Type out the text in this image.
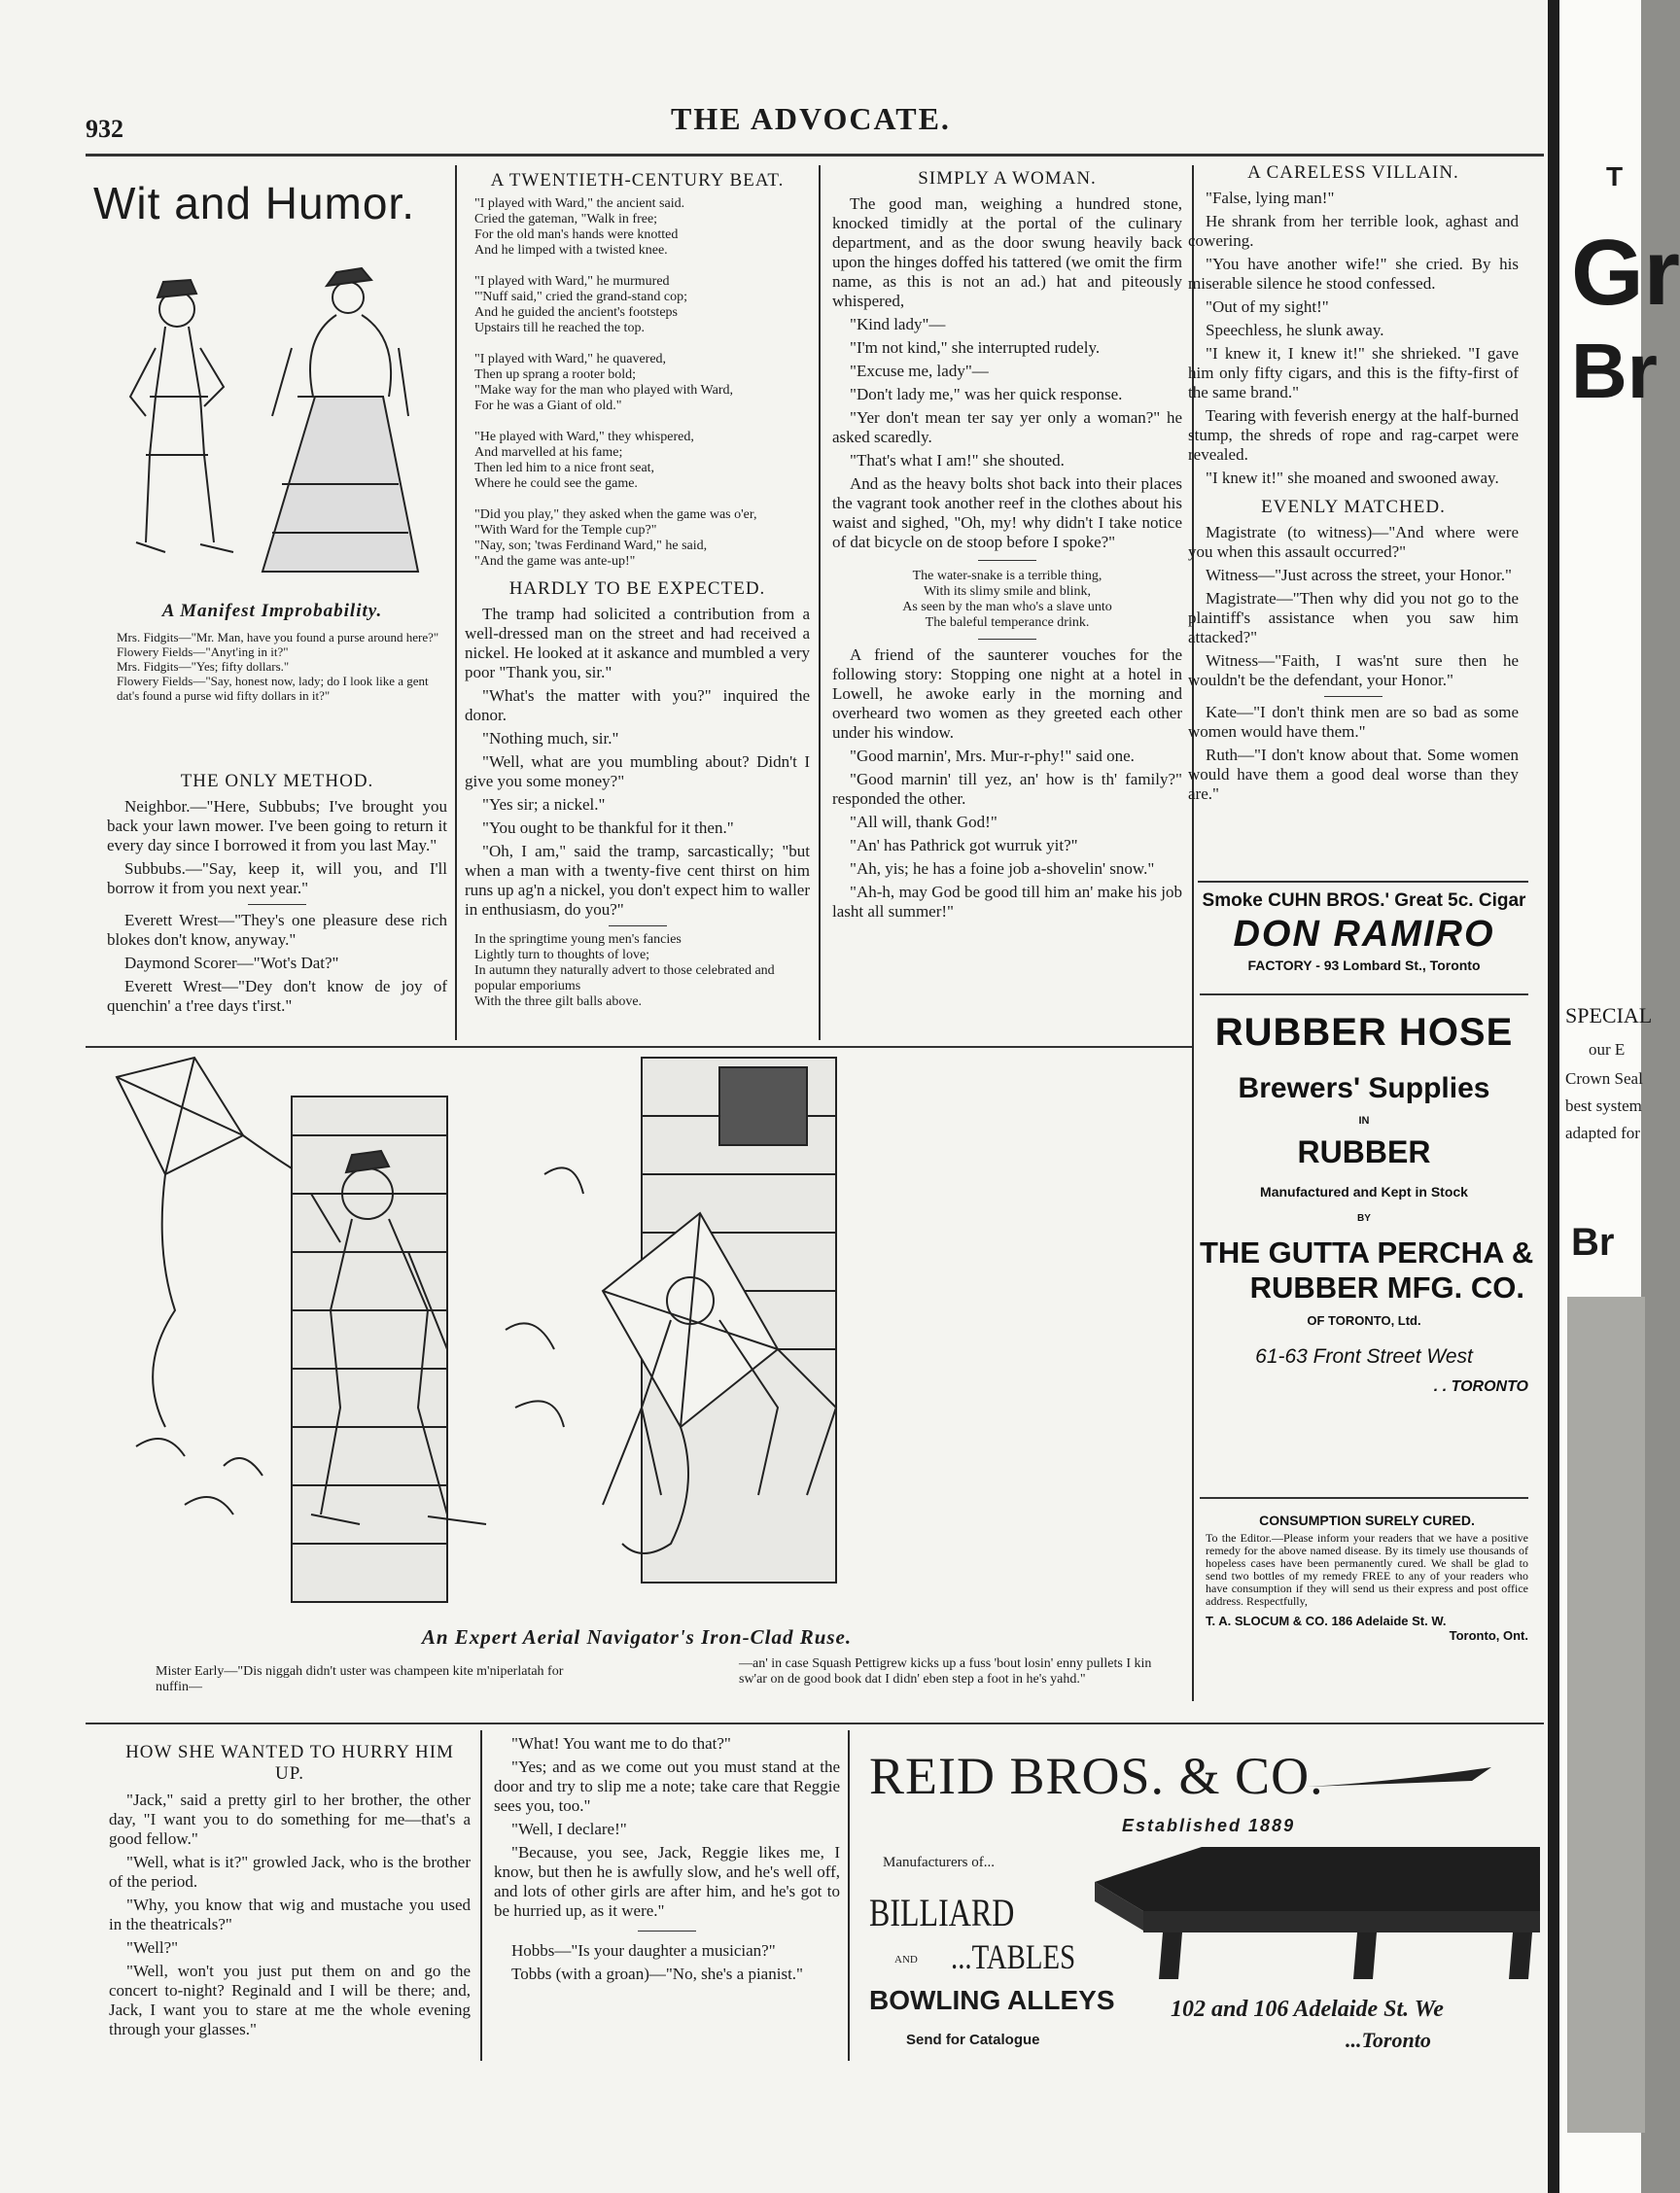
932	THE ADVOCATE.
Wit and Humor.
A Manifest Improbability.

Mrs. Fidgits—"Mr. Man, have you found a purse around here?"
Flowery Fields—"Anyt'ing in it?"
Mrs. Fidgits—"Yes; fifty dollars."
Flowery Fields—"Say, honest now, lady; do I look like a gent dat's found a purse wid fifty dollars in it?"

THE ONLY METHOD.

Neighbor.—"Here, Subbubs; I've brought you back your lawn mower. I've been going to return it every day since I borrowed it from you last May."

Subbubs.—"Say, keep it, will you, and I'll borrow it from you next year."

Everett Wrest—"They's one pleasure dese rich blokes don't know, anyway."

Daymond Scorer—"Wot's Dat?"

Everett Wrest—"Dey don't know de joy of quenchin' a t'ree days t'irst."

A TWENTIETH-CENTURY BEAT.

"I played with Ward," the ancient said.
Cried the gateman, "Walk in free;
For the old man's hands were knotted
And he limped with a twisted knee.

"I played with Ward," he murmured
"'Nuff said," cried the grand-stand cop;
And he guided the ancient's footsteps
Upstairs till he reached the top.

"I played with Ward," he quavered,
Then up sprang a rooter bold;
"Make way for the man who played with Ward,
For he was a Giant of old."

"He played with Ward," they whispered,
And marvelled at his fame;
Then led him to a nice front seat,
Where he could see the game.

"Did you play," they asked when the game was o'er,
"With Ward for the Temple cup?"
"Nay, son; 'twas Ferdinand Ward," he said,
"And the game was ante-up!"

HARDLY TO BE EXPECTED.

The tramp had solicited a contribution from a well-dressed man on the street and had received a nickel. He looked at it askance and mumbled a very poor "Thank you, sir."

"What's the matter with you?" inquired the donor.

"Nothing much, sir."

"Well, what are you mumbling about? Didn't I give you some money?"

"Yes sir; a nickel."

"You ought to be thankful for it then."

"Oh, I am," said the tramp, sarcastically; "but when a man with a twenty-five cent thirst on him runs up ag'n a nickel, you don't expect him to waller in enthusiasm, do you?"

In the springtime young men's fancies
Lightly turn to thoughts of love;
In autumn they naturally advert to those celebrated and popular emporiums
With the three gilt balls above.

SIMPLY A WOMAN.

The good man, weighing a hundred stone, knocked timidly at the portal of the culinary department, and as the door swung heavily back upon the hinges doffed his tattered (we omit the firm name, as this is not an ad.) hat and piteously whispered,

"Kind lady"—

"I'm not kind," she interrupted rudely.

"Excuse me, lady"—

"Don't lady me," was her quick response.

"Yer don't mean ter say yer only a woman?" he asked scaredly.

"That's what I am!" she shouted.

And as the heavy bolts shot back into their places the vagrant took another reef in the clothes about his waist and sighed, "Oh, my! why didn't I take notice of dat bicycle on de stoop before I spoke?"

The water-snake is a terrible thing,
With its slimy smile and blink,
As seen by the man who's a slave unto
The baleful temperance drink.

A friend of the saunterer vouches for the following story: Stopping one night at a hotel in Lowell, he awoke early in the morning and overheard two women as they greeted each other under his window.

"Good marnin', Mrs. Mur-r-phy!" said one.

"Good marnin' till yez, an' how is th' family?" responded the other.

"All will, thank God!"

"An' has Pathrick got wurruk yit?"

"Ah, yis; he has a foine job a-shovelin' snow."

"Ah-h, may God be good till him an' make his job lasht all summer!"

A CARELESS VILLAIN.

"False, lying man!"

He shrank from her terrible look, aghast and cowering.

"You have another wife!" she cried. By his miserable silence he stood confessed.

"Out of my sight!"

Speechless, he slunk away.

"I knew it, I knew it!" she shrieked. "I gave him only fifty cigars, and this is the fifty-first of the same brand."

Tearing with feverish energy at the half-burned stump, the shreds of rope and rag-carpet were revealed.

"I knew it!" she moaned and swooned away.

EVENLY MATCHED.

Magistrate (to witness)—"And where were you when this assault occurred?"

Witness—"Just across the street, your Honor."

Magistrate—"Then why did you not go to the plaintiff's assistance when you saw him attacked?"

Witness—"Faith, I was'nt sure then he wouldn't be the defendant, your Honor."

Kate—"I don't think men are so bad as some women would have them."

Ruth—"I don't know about that. Some women would have them a good deal worse than they are."

Smoke CUHN BROS.' Great 5c. Cigar
DON RAMIRO
FACTORY - 93 Lombard St., Toronto
RUBBER HOSE
Brewers' Supplies
IN
RUBBER
Manufactured and Kept in Stock
BY
THE GUTTA PERCHA &
RUBBER MFG. CO.
OF TORONTO, Ltd.
61-63 Front Street West
. . TORONTO
CONSUMPTION SURELY CURED.
To the Editor.—Please inform your readers that we have a positive remedy for the above named disease. By its timely use thousands of hopeless cases have been permanently cured. We shall be glad to send two bottles of my remedy FREE to any of your readers who have consumption if they will send us their express and post office address. Respectfully,
T. A. SLOCUM & CO. 186 Adelaide St. W.
Toronto, Ont.
An Expert Aerial Navigator's Iron-Clad Ruse.
Mister Early—"Dis niggah didn't uster was champeen kite m'niperlatah for nuffin—
—an' in case Squash Pettigrew kicks up a fuss 'bout losin' enny pullets I kin sw'ar on de good book dat I didn' eben step a foot in he's yahd."

HOW SHE WANTED TO HURRY HIM UP.

"Jack," said a pretty girl to her brother, the other day, "I want you to do something for me—that's a good fellow."

"Well, what is it?" growled Jack, who is the brother of the period.

"Why, you know that wig and mustache you used in the theatricals?"

"Well?"

"Well, won't you just put them on and go the concert to-night? Reginald and I will be there; and, Jack, I want you to stare at me the whole evening through your glasses."

"What! You want me to do that?"

"Yes; and as we come out you must stand at the door and try to slip me a note; take care that Reggie sees you, too."

"Well, I declare!"

"Because, you see, Jack, Reggie likes me, I know, but then he is awfully slow, and he's well off, and lots of other girls are after him, and he's got to be hurried up, as it were."

Hobbs—"Is your daughter a musician?"

Tobbs (with a groan)—"No, she's a pianist."

REID BROS. & CO.
Established 1889
Manufacturers of...
BILLIARD
AND ...TABLES
BOWLING ALLEYS
Send for Catalogue
102 and 106 Adelaide St. We
...Toronto
T
Gr
Br
SPECIAL
our E
Crown Seal
best system
adapted for
Br
